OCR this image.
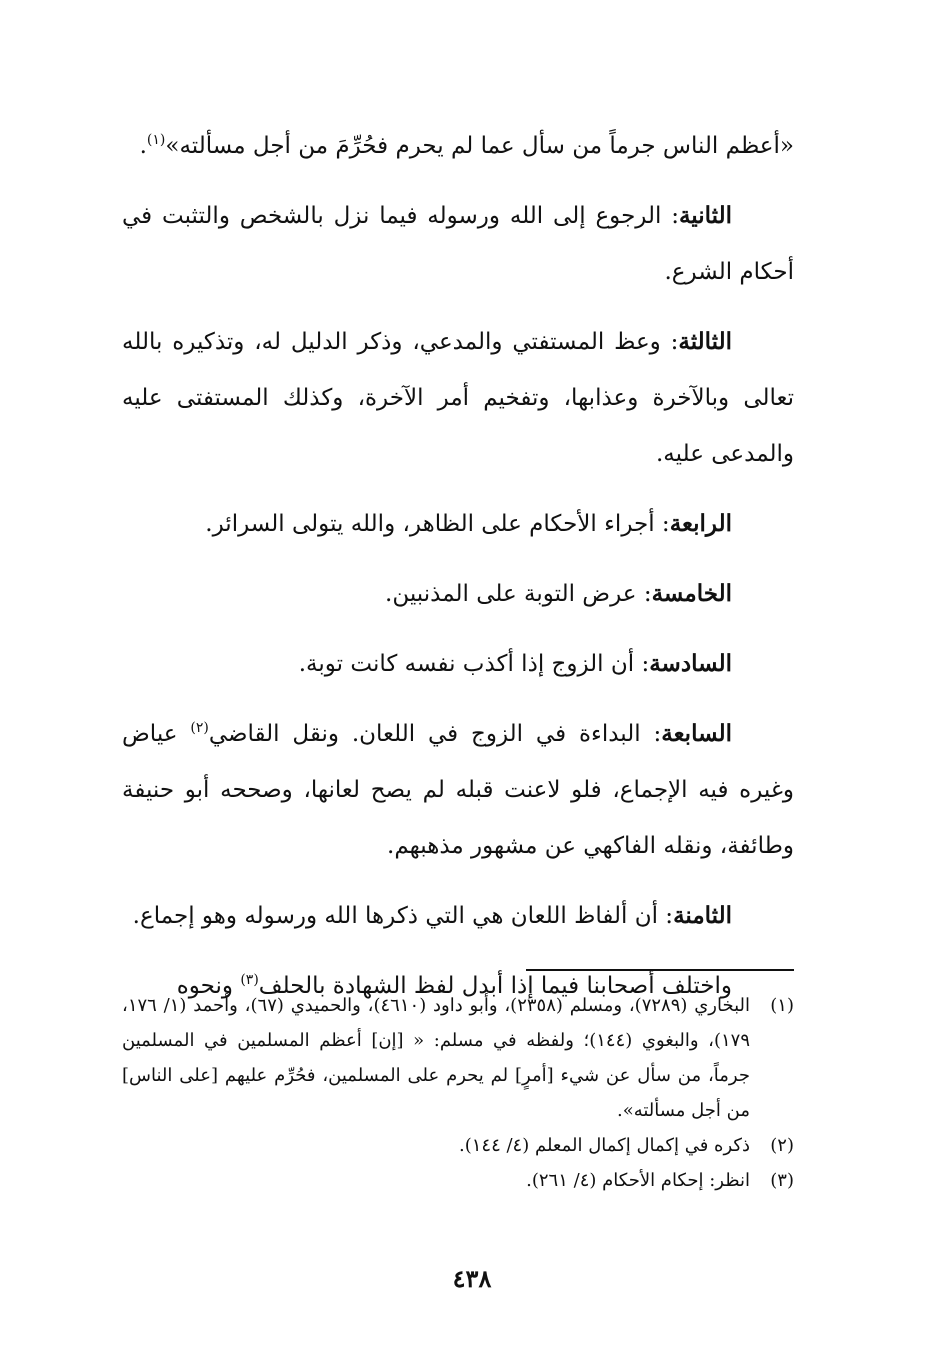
«أعظم الناس جرماً من سأل عما لم يحرم فحُرِّمَ من أجل مسألته»$^{(١)}$.

الثانية: الرجوع إلى الله ورسوله فيما نزل بالشخص والتثبت في أحكام الشرع.

الثالثة: وعظ المستفتي والمدعي، وذكر الدليل له، وتذكيره بالله تعالى وبالآخرة وعذابها، وتفخيم أمر الآخرة، وكذلك المستفتى عليه والمدعى عليه.

الرابعة: أجراء الأحكام على الظاهر، والله يتولى السرائر.

الخامسة: عرض التوبة على المذنبين.

السادسة: أن الزوج إذا أكذب نفسه كانت توبة.

السابعة: البداءة في الزوج في اللعان. ونقل القاضي$^{(٢)}$ عياض وغيره فيه الإجماع، فلو لاعنت قبله لم يصح لعانها، وصححه أبو حنيفة وطائفة، ونقله الفاكهي عن مشهور مذهبهم.

الثامنة: أن ألفاظ اللعان هي التي ذكرها الله ورسوله وهو إجماع.

واختلف أصحابنا فيما إذا أبدل لفظ الشهادة بالحلف$^{(٣)}$ ونحوه

(١)
البخاري (٧٢٨٩)، ومسلم (٢٣٥٨)، وأبو داود (٤٦١٠)، والحميدي (٦٧)، وأحمد (١/ ١٧٦، ١٧٩)، والبغوي (١٤٤)؛ ولفظه في مسلم: « [إن] أعظم المسلمين في المسلمين جرماً، من سأل عن شيء [أمرٍ] لم يحرم على المسلمين، فحُرِّم عليهم [على الناس] من أجل مسألته».
(٢)
ذكره في إكمال إكمال المعلم (٤/ ١٤٤).
(٣)
انظر: إحكام الأحكام (٤/ ٢٦١).
٤٣٨
